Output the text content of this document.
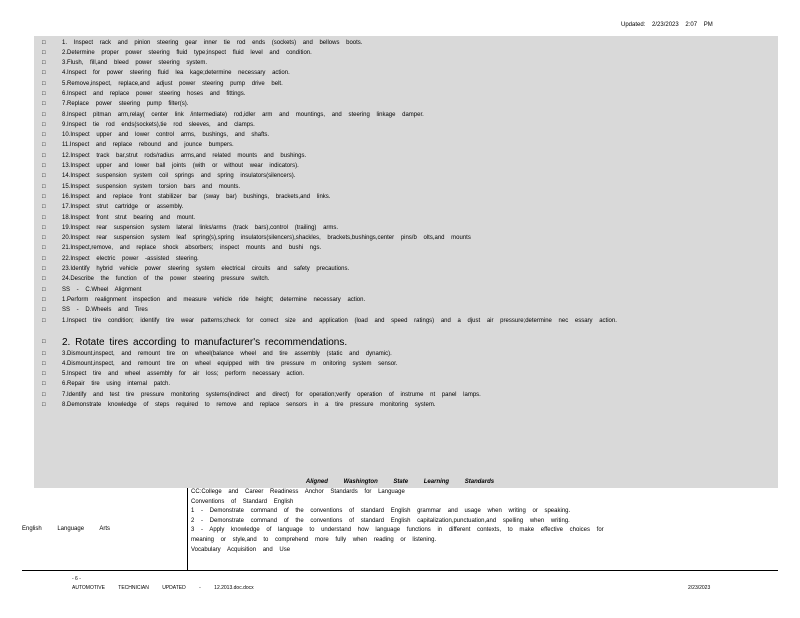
Updated: 2/23/2023 2:07 PM
□	1. Inspect rack and pinion steering gear inner tie rod ends (sockets) and bellows boots.
□	2.Determine proper power steering fluid type;inspect fluid level and condition.
□	3.Flush, fill,and bleed power steering system.
□	4.Inspect for power steering fluid lea kage;determine necessary action.
□	5.Remove,inspect, replace,and adjust power steering pump drive belt.
□	6.Inspect and replace power steering hoses and fittings.
□	7.Replace power steering pump filter(s).
□	8.Inspect pitman arm,relay( center link /intermediate) rod,idler arm and mountings, and steering linkage damper.
□	9.Inspect tie rod ends(sockets),tie rod sleeves, and clamps.
□	10.Inspect upper and lower control arms, bushings, and shafts.
□	11.Inspect and replace rebound and jounce bumpers.
□	12.Inspect track bar,strut rods/radius arms,and related mounts and bushings.
□	13.Inspect upper and lower ball joints (with or without wear indicators).
□	14.Inspect suspension system coil springs and spring insulators(silencers).
□	15.Inspect suspension system torsion bars and mounts.
□	16.Inspect and replace front stabilizer bar (sway bar) bushings, brackets,and links.
□	17.Inspect strut cartridge or assembly.
□	18.Inspect front strut bearing and mount.
□	19.Inspect rear suspension system lateral links/arms (track bars),control (trailing) arms.
□	20.Inspect rear suspension system leaf spring(s),spring insulators(silencers),shackles, brackets,bushings,center pins/b olts,and mounts
□	21.Inspect,remove, and replace shock absorbers; inspect mounts and bushi ngs.
□	22.Inspect electric power -assisted steering.
□	23.Identify hybrid vehicle power steering system electrical circuits and safety precautions.
□	24.Describe the function of the power steering pressure switch.
□	SS - C.Wheel Alignment
□	1.Perform realignment inspection and measure vehicle ride height; determine necessary action.
□	SS - D.Wheels and Tires
□	1.Inspect tire condition; identify tire wear patterns;check for correct size and application (load and speed ratings) and a djust air pressure;determine nec essary action.
□ 2. Rotate tires according to manufacturer's recommendations.
□	3.Dismount,inspect, and remount tire on wheel(balance wheel and tire assembly (static and dynamic).
□	4.Dismount,inspect, and remount tire on wheel equipped with tire pressure m onitoring system sensor.
□	5.Inspect tire and wheel assembly for air loss; perform necessary action.
□	6.Repair tire using internal patch.
□	7.Identify and test tire pressure monitoring systems(indirect and direct) for operation;verify operation of instrume nt panel lamps.
□	8.Demonstrate knowledge of steps required to remove and replace sensors in a tire pressure monitoring system.
Aligned Washington State Learning Standards
English Language Arts
CC:College and Career Readiness Anchor Standards for Language
Conventions of Standard English
1 - Demonstrate command of the conventions of standard English grammar and usage when writing or speaking.
2 - Demonstrate command of the conventions of standard English capitalization,punctuation,and spelling when writing.
3 - Apply knowledge of language to understand how language functions in different contexts, to make effective choices for
meaning or style,and to comprehend more fully when reading or listening.
Vocabulary Acquisition and Use
- 6 -
AUTOMOTIVE TECHNICIAN UPDATED - 12.2013.doc.docx	2/23/2023
